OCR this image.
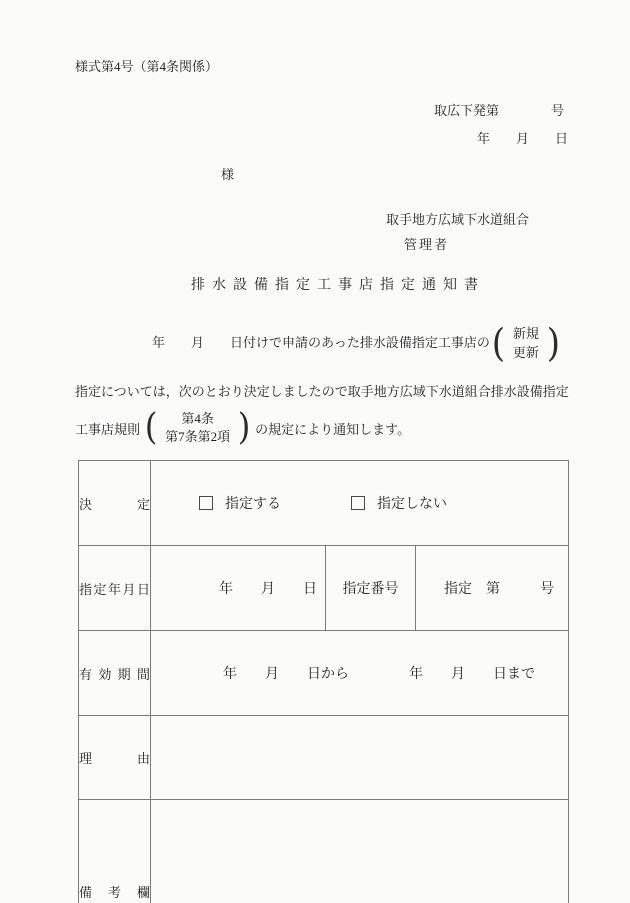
様式第4号（第4条関係）
取広下発第　　　　号
年　　月　　日
様
取手地方広域下水道組合
管理者
排水設備指定工事店指定通知書
年　　月　　日付けで申請のあった排水設備指定工事店の ( 新規
更新 )
指定については，次のとおり決定しましたので取手地方広域下水道組合排水設備指定
工事店規則 ( 第4条
第7条第2項 ) の規定により通知します。

決 定	指定する 指定しない		

指 定 年 月 日	年　　月　　日	指定番号	指定　第 号

有 効 期 間	年　　月　　日から 年　　月　　日まで		

理 由			

備 考 欄			
